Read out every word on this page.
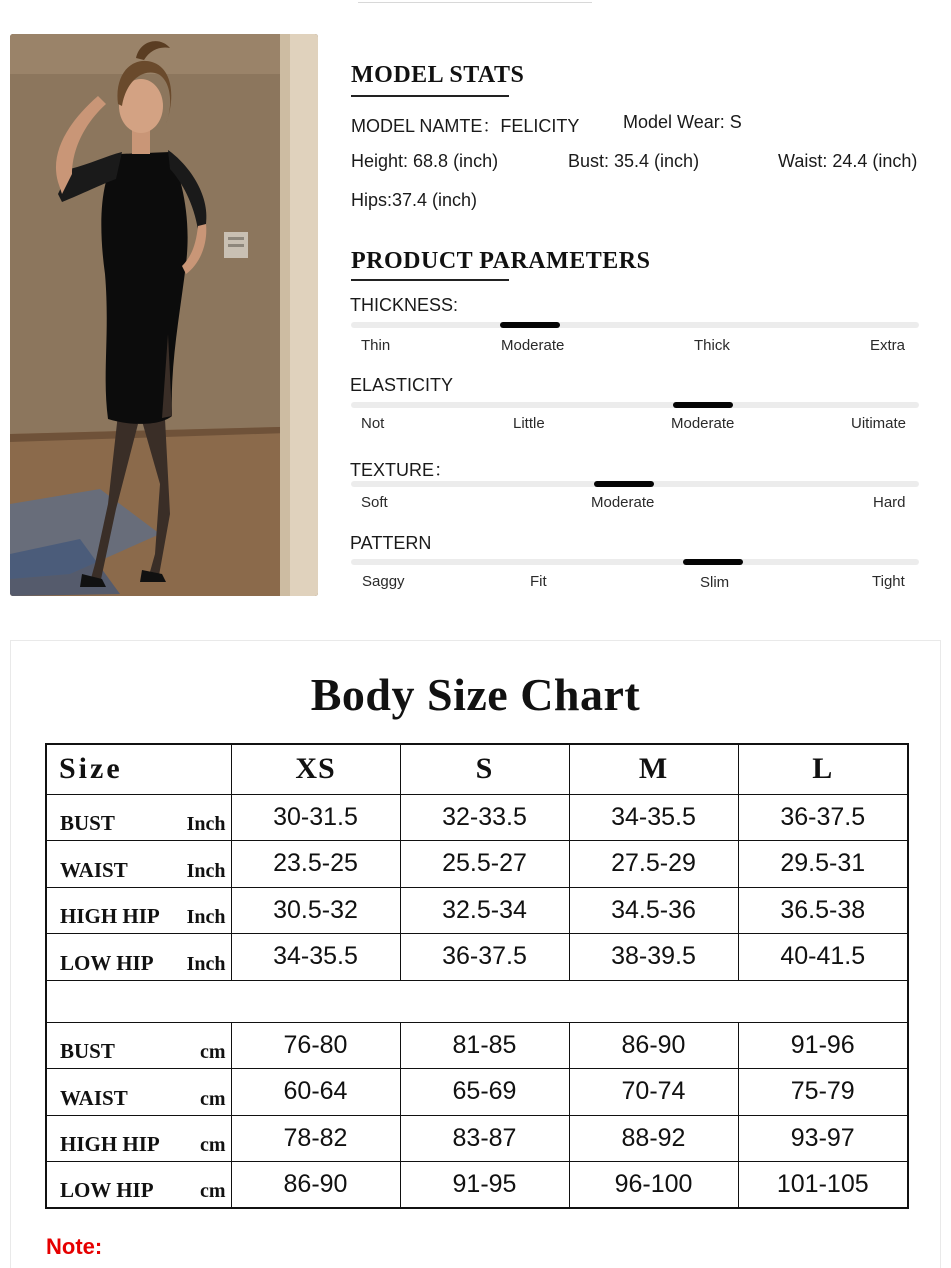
MODEL STATS
MODEL NAMTE：FELICITY Model Wear: S
Height: 68.8 (inch)	Bust: 35.4 (inch)	Waist: 24.4 (inch)
Hips:37.4 (inch)
PRODUCT PARAMETERS
THICKNESS:
Thin	Moderate	Thick	Extra
ELASTICITY
Not	Little	Moderate	Uitimate
TEXTURE：
Soft	Moderate	Hard
PATTERN
Saggy	Fit	Slim	Tight
Body Size Chart
Size	XS	S	M	L

BUST Inch	30-31.5	32-33.5	34-35.5	36-37.5

WAIST Inch	23.5-25	25.5-27	27.5-29	29.5-31

HIGH HIP Inch	30.5-32	32.5-34	34.5-36	36.5-38

LOW HIP Inch	34-35.5	36-37.5	38-39.5	40-41.5

BUST cm	76-80	81-85	86-90	91-96

WAIST cm	60-64	65-69	70-74	75-79

HIGH HIP cm	78-82	83-87	88-92	93-97

LOW HIP cm	86-90	91-95	96-100	101-105
Note:
